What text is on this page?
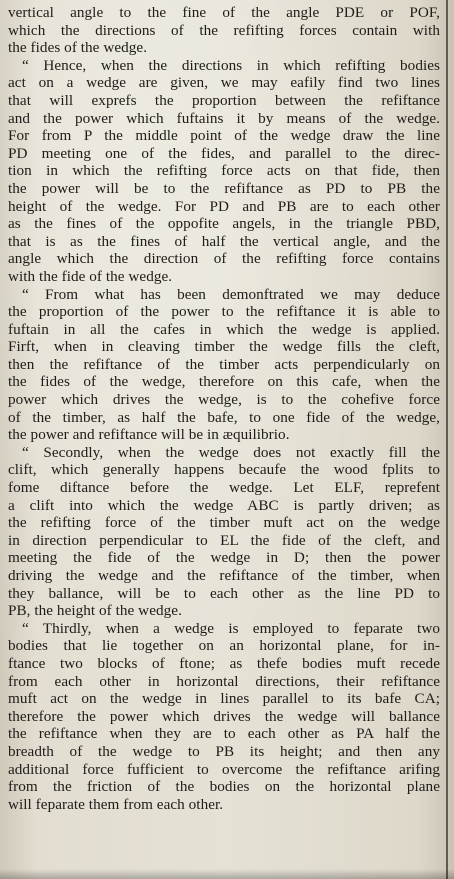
vertical angle to the fine of the angle PDE or POF,
which the directions of the refifting forces contain with
the fides of the wedge.
“ Hence, when the directions in which refifting bodies
act on a wedge are given, we may eafily find two lines
that will exprefs the proportion between the refiftance
and the power which fuftains it by means of the wedge.
For from P the middle point of the wedge draw the line
PD meeting one of the fides, and parallel to the direc-
tion in which the refifting force acts on that fide, then
the power will be to the refiftance as PD to PB the
height of the wedge. For PD and PB are to each other
as the fines of the oppofite angels, in the triangle PBD,
that is as the fines of half the vertical angle, and the
angle which the direction of the refifting force contains
with the fide of the wedge.
“ From what has been demonftrated we may deduce
the proportion of the power to the refiftance it is able to
fuftain in all the cafes in which the wedge is applied.
Firft, when in cleaving timber the wedge fills the cleft,
then the refiftance of the timber acts perpendicularly on
the fides of the wedge, therefore on this cafe, when the
power which drives the wedge, is to the cohefive force
of the timber, as half the bafe, to one fide of the wedge,
the power and refiftance will be in æquilibrio.
“ Secondly, when the wedge does not exactly fill the
clift, which generally happens becaufe the wood fplits to
fome diftance before the wedge. Let ELF, reprefent
a clift into which the wedge ABC is partly driven; as
the refifting force of the timber muft act on the wedge
in direction perpendicular to EL the fide of the cleft, and
meeting the fide of the wedge in D; then the power
driving the wedge and the refiftance of the timber, when
they ballance, will be to each other as the line PD to
PB, the height of the wedge.
“ Thirdly, when a wedge is employed to feparate two
bodies that lie together on an horizontal plane, for in-
ftance two blocks of ftone; as thefe bodies muft recede
from each other in horizontal directions, their refiftance
muft act on the wedge in lines parallel to its bafe CA;
therefore the power which drives the wedge will ballance
the refiftance when they are to each other as PA half the
breadth of the wedge to PB its height; and then any
additional force fufficient to overcome the refiftance arifing
from the friction of the bodies on the horizontal plane
will feparate them from each other.
